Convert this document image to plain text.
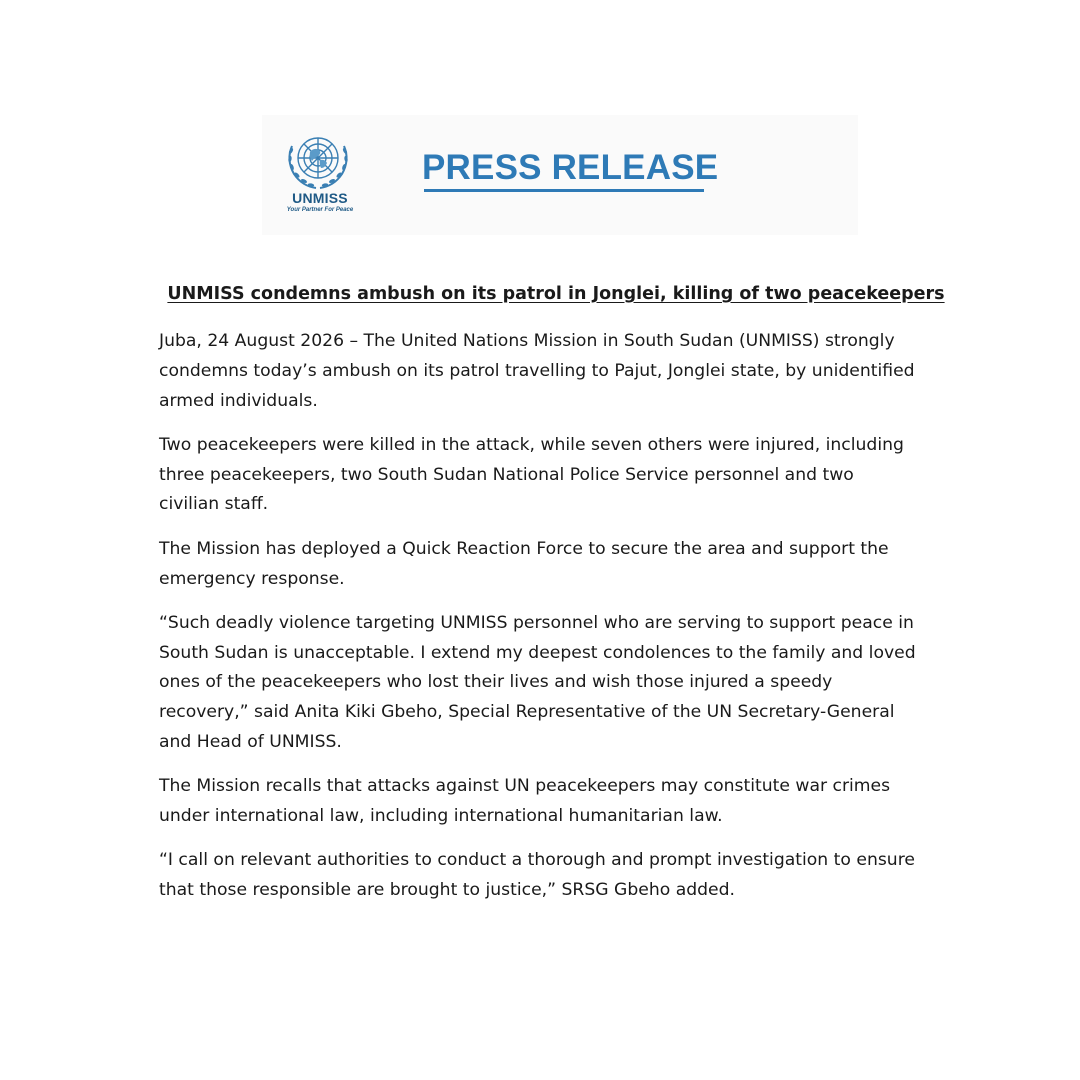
UNMISS
Your Partner For Peace
PRESS RELEASE
UNMISS condemns ambush on its patrol in Jonglei, killing of two peacekeepers

Juba, 24 August 2026 – The United Nations Mission in South Sudan (UNMISS) strongly
condemns today’s ambush on its patrol travelling to Pajut, Jonglei state, by unidentified
armed individuals.

Two peacekeepers were killed in the attack, while seven others were injured, including
three peacekeepers, two South Sudan National Police Service personnel and two
civilian staff.

The Mission has deployed a Quick Reaction Force to secure the area and support the
emergency response.

“Such deadly violence targeting UNMISS personnel who are serving to support peace in
South Sudan is unacceptable. I extend my deepest condolences to the family and loved
ones of the peacekeepers who lost their lives and wish those injured a speedy
recovery,” said Anita Kiki Gbeho, Special Representative of the UN Secretary-General
and Head of UNMISS.

The Mission recalls that attacks against UN peacekeepers may constitute war crimes
under international law, including international humanitarian law.

“I call on relevant authorities to conduct a thorough and prompt investigation to ensure
that those responsible are brought to justice,” SRSG Gbeho added.
